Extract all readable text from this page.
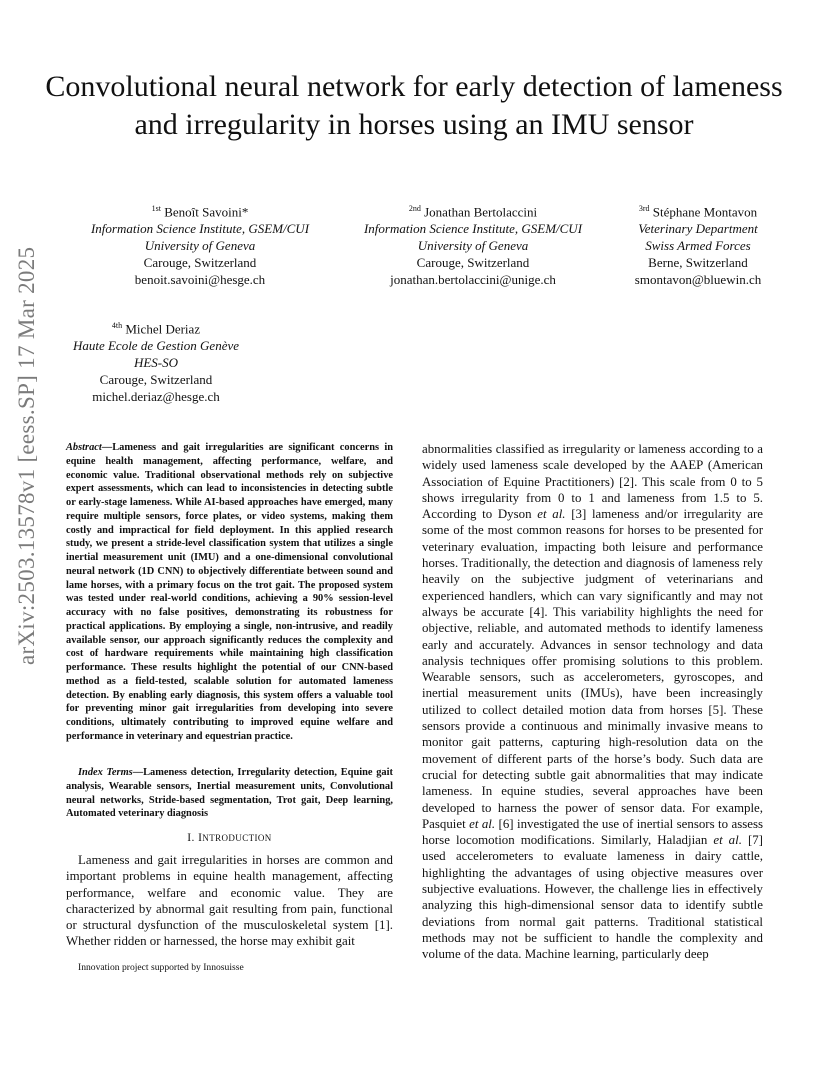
Convolutional neural network for early detection of lameness and irregularity in horses using an IMU sensor
arXiv:2503.13578v1 [eess.SP] 17 Mar 2025
$^{1st}$ Benoît Savoini*
Information Science Institute, GSEM/CUI
University of Geneva
Carouge, Switzerland
benoit.savoini@hesge.ch
$^{2nd}$ Jonathan Bertolaccini
Information Science Institute, GSEM/CUI
University of Geneva
Carouge, Switzerland
jonathan.bertolaccini@unige.ch
$^{3rd}$ Stéphane Montavon
Veterinary Department
Swiss Armed Forces
Berne, Switzerland
smontavon@bluewin.ch
$^{4th}$ Michel Deriaz
Haute Ecole de Gestion Genève
HES-SO
Carouge, Switzerland
michel.deriaz@hesge.ch
Abstract—Lameness and gait irregularities are significant concerns in equine health management, affecting performance, welfare, and economic value. Traditional observational methods rely on subjective expert assessments, which can lead to inconsistencies in detecting subtle or early-stage lameness. While AI-based approaches have emerged, many require multiple sensors, force plates, or video systems, making them costly and impractical for field deployment. In this applied research study, we present a stride-level classification system that utilizes a single inertial measurement unit (IMU) and a one-dimensional convolutional neural network (1D CNN) to objectively differentiate between sound and lame horses, with a primary focus on the trot gait. The proposed system was tested under real-world conditions, achieving a 90% session-level accuracy with no false positives, demonstrating its robustness for practical applications. By employing a single, non-intrusive, and readily available sensor, our approach significantly reduces the complexity and cost of hardware requirements while maintaining high classification performance. These results highlight the potential of our CNN-based method as a field-tested, scalable solution for automated lameness detection. By enabling early diagnosis, this system offers a valuable tool for preventing minor gait irregularities from developing into severe conditions, ultimately contributing to improved equine welfare and performance in veterinary and equestrian practice.
Index Terms—Lameness detection, Irregularity detection, Equine gait analysis, Wearable sensors, Inertial measurement units, Convolutional neural networks, Stride-based segmentation, Trot gait, Deep learning, Automated veterinary diagnosis
I. INTRODUCTION
Lameness and gait irregularities in horses are common and important problems in equine health management, affecting performance, welfare and economic value. They are characterized by abnormal gait resulting from pain, functional or structural dysfunction of the musculoskeletal system [1]. Whether ridden or harnessed, the horse may exhibit gait
Innovation project supported by Innosuisse
abnormalities classified as irregularity or lameness according to a widely used lameness scale developed by the AAEP (American Association of Equine Practitioners) [2]. This scale from 0 to 5 shows irregularity from 0 to 1 and lameness from 1.5 to 5. According to Dyson et al. [3] lameness and/or irregularity are some of the most common reasons for horses to be presented for veterinary evaluation, impacting both leisure and performance horses. Traditionally, the detection and diagnosis of lameness rely heavily on the subjective judgment of veterinarians and experienced handlers, which can vary significantly and may not always be accurate [4]. This variability highlights the need for objective, reliable, and automated methods to identify lameness early and accurately. Advances in sensor technology and data analysis techniques offer promising solutions to this problem. Wearable sensors, such as accelerometers, gyroscopes, and inertial measurement units (IMUs), have been increasingly utilized to collect detailed motion data from horses [5]. These sensors provide a continuous and minimally invasive means to monitor gait patterns, capturing high-resolution data on the movement of different parts of the horse’s body. Such data are crucial for detecting subtle gait abnormalities that may indicate lameness. In equine studies, several approaches have been developed to harness the power of sensor data. For example, Pasquiet et al. [6] investigated the use of inertial sensors to assess horse locomotion modifications. Similarly, Haladjian et al. [7] used accelerometers to evaluate lameness in dairy cattle, highlighting the advantages of using objective measures over subjective evaluations. However, the challenge lies in effectively analyzing this high-dimensional sensor data to identify subtle deviations from normal gait patterns. Traditional statistical methods may not be sufficient to handle the complexity and volume of the data. Machine learning, particularly deep
